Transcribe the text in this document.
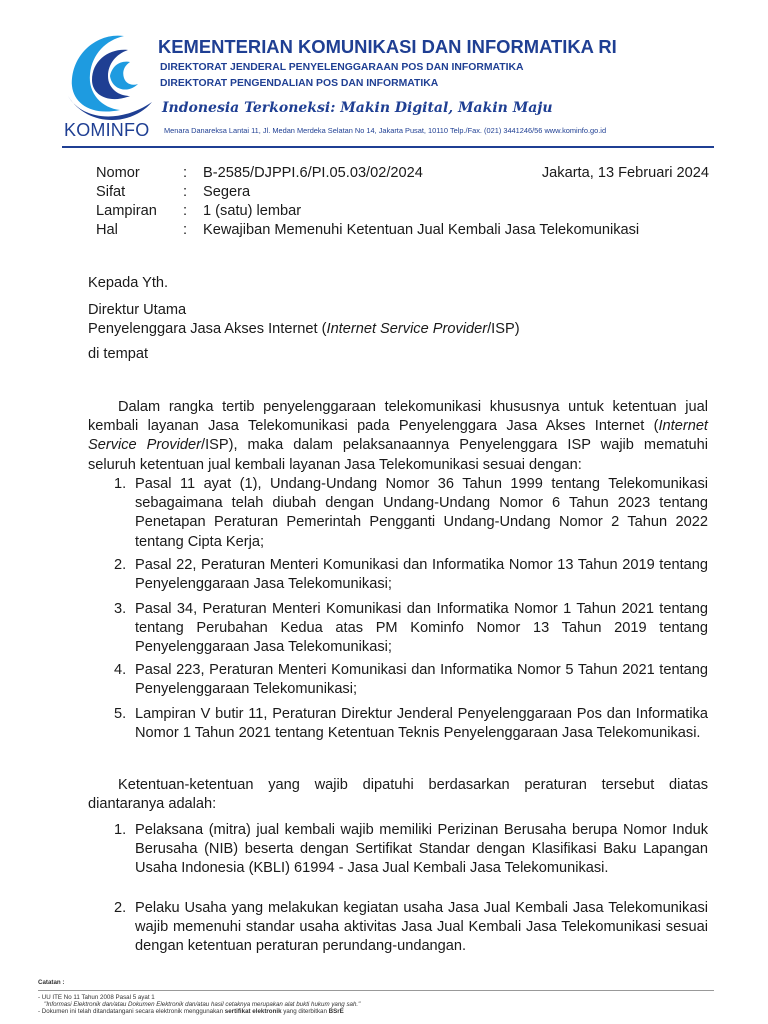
KOMINFO
KEMENTERIAN KOMUNIKASI DAN INFORMATIKA RI
DIREKTORAT JENDERAL PENYELENGGARAAN POS DAN INFORMATIKA
DIREKTORAT PENGENDALIAN POS DAN INFORMATIKA
Indonesia Terkoneksi: Makin Digital, Makin Maju
Menara Danareksa Lantai 11, Jl. Medan Merdeka Selatan No 14, Jakarta Pusat, 10110 Telp./Fax. (021) 3441246/56 www.kominfo.go.id
Nomor	: B-2585/DJPPI.6/PI.05.03/02/2024	Jakarta, 13 Februari 2024
Sifat	: Segera
Lampiran : 1 (satu) lembar
Hal	: Kewajiban Memenuhi Ketentuan Jual Kembali Jasa Telekomunikasi
Kepada Yth.
Direktur Utama
Penyelenggara Jasa Akses Internet (Internet Service Provider/ISP)
di tempat
Dalam rangka tertib penyelenggaraan telekomunikasi khususnya untuk ketentuan jual kembali layanan Jasa Telekomunikasi pada Penyelenggara Jasa Akses Internet (Internet Service Provider/ISP), maka dalam pelaksanaannya Penyelenggara ISP wajib mematuhi seluruh ketentuan jual kembali layanan Jasa Telekomunikasi sesuai dengan:
1. Pasal 11 ayat (1), Undang-Undang Nomor 36 Tahun 1999 tentang Telekomunikasi sebagaimana telah diubah dengan Undang-Undang Nomor 6 Tahun 2023 tentang Penetapan Peraturan Pemerintah Pengganti Undang-Undang Nomor 2 Tahun 2022 tentang Cipta Kerja;
2. Pasal 22, Peraturan Menteri Komunikasi dan Informatika Nomor 13 Tahun 2019 tentang Penyelenggaraan Jasa Telekomunikasi;
3. Pasal 34, Peraturan Menteri Komunikasi dan Informatika Nomor 1 Tahun 2021 tentang tentang Perubahan Kedua atas PM Kominfo Nomor 13 Tahun 2019 tentang Penyelenggaraan Jasa Telekomunikasi;
4. Pasal 223, Peraturan Menteri Komunikasi dan Informatika Nomor 5 Tahun 2021 tentang Penyelenggaraan Telekomunikasi;
5. Lampiran V butir 11, Peraturan Direktur Jenderal Penyelenggaraan Pos dan Informatika Nomor 1 Tahun 2021 tentang Ketentuan Teknis Penyelenggaraan Jasa Telekomunikasi.
Ketentuan-ketentuan yang wajib dipatuhi berdasarkan peraturan tersebut diatas diantaranya adalah:
1. Pelaksana (mitra) jual kembali wajib memiliki Perizinan Berusaha berupa Nomor Induk Berusaha (NIB) beserta dengan Sertifikat Standar dengan Klasifikasi Baku Lapangan Usaha Indonesia (KBLI) 61994 - Jasa Jual Kembali Jasa Telekomunikasi.
2. Pelaku Usaha yang melakukan kegiatan usaha Jasa Jual Kembali Jasa Telekomunikasi wajib memenuhi standar usaha aktivitas Jasa Jual Kembali Jasa Telekomunikasi sesuai dengan ketentuan peraturan perundang-undangan.
Catatan :
- UU ITE No 11 Tahun 2008 Pasal 5 ayat 1
"Informasi Elektronik dan/atau Dokumen Elektronik dan/atau hasil cetaknya merupakan alat bukti hukum yang sah."
- Dokumen ini telah ditandatangani secara elektronik menggunakan sertifikat elektronik yang diterbitkan BSrE
